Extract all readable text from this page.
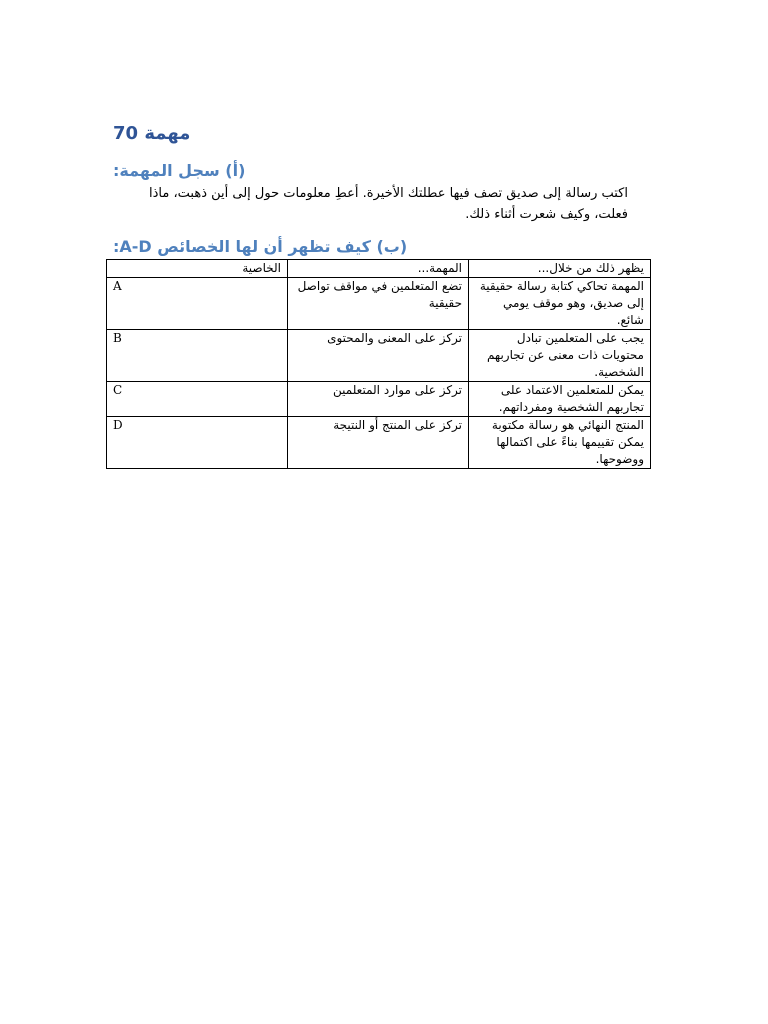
مهمة 70
(أ) سجل المهمة:
اكتب رسالة إلى صديق تصف فيها عطلتك الأخيرة. أعطِ معلومات حول إلى أين ذهبت، ماذا
فعلت، وكيف شعرت أثناء ذلك.
(ب) كيف تظهر أن لها الخصائص A-D:
الخاصية	المهمة...	يظهر ذلك من خلال...
A	تضع المتعلمين في مواقف تواصل حقيقية	المهمة تحاكي كتابة رسالة حقيقية إلى صديق، وهو موقف يومي شائع.
B	تركز على المعنى والمحتوى	يجب على المتعلمين تبادل محتويات ذات معنى عن تجاربهم الشخصية.
C	تركز على موارد المتعلمين	يمكن للمتعلمين الاعتماد على تجاربهم الشخصية ومفرداتهم.
D	تركز على المنتج أو النتيجة	المنتج النهائي هو رسالة مكتوبة يمكن تقييمها بناءً على اكتمالها ووضوحها.
